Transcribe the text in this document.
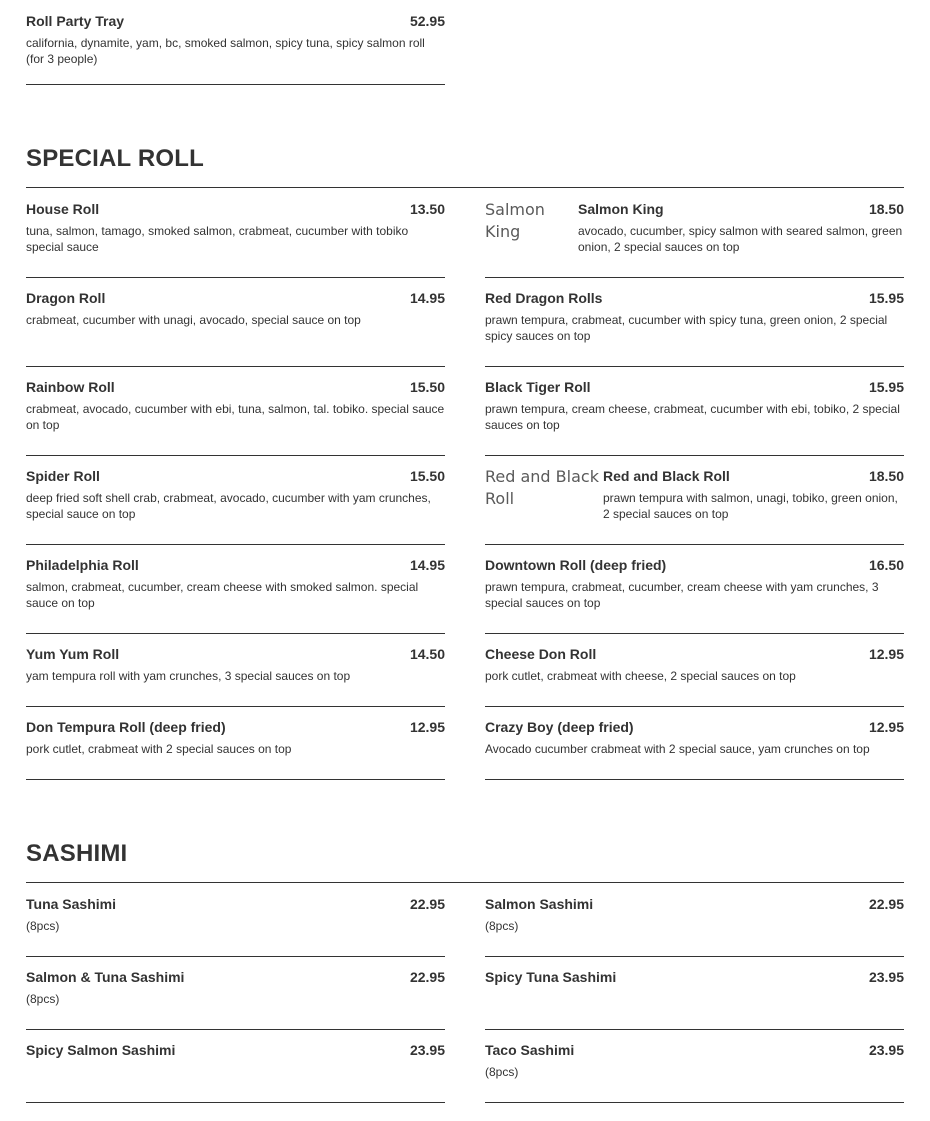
Roll Party Tray	52.95
california, dynamite, yam, bc, smoked salmon, spicy tuna, spicy salmon roll (for 3 people)
SPECIAL ROLL
House Roll	13.50
tuna, salmon, tamago, smoked salmon, crabmeat, cucumber with tobiko special sauce
Salmon King
Salmon King	18.50
avocado, cucumber, spicy salmon with seared salmon, green onion, 2 special sauces on top
Dragon Roll	14.95
crabmeat, cucumber with unagi, avocado, special sauce on top
Red Dragon Rolls	15.95
prawn tempura, crabmeat, cucumber with spicy tuna, green onion, 2 special spicy sauces on top
Rainbow Roll	15.50
crabmeat, avocado, cucumber with ebi, tuna, salmon, tal. tobiko. special sauce on top
Black Tiger Roll	15.95
prawn tempura, cream cheese, crabmeat, cucumber with ebi, tobiko, 2 special sauces on top
Spider Roll	15.50
deep fried soft shell crab, crabmeat, avocado, cucumber with yam crunches, special sauce on top
Red and Black Roll
Red and Black Roll	18.50
prawn tempura with salmon, unagi, tobiko, green onion, 2 special sauces on top
Philadelphia Roll	14.95
salmon, crabmeat, cucumber, cream cheese with smoked salmon. special sauce on top
Downtown Roll (deep fried)	16.50
prawn tempura, crabmeat, cucumber, cream cheese with yam crunches, 3 special sauces on top
Yum Yum Roll	14.50
yam tempura roll with yam crunches, 3 special sauces on top
Cheese Don Roll	12.95
pork cutlet, crabmeat with cheese, 2 special sauces on top
Don Tempura Roll (deep fried)	12.95
pork cutlet, crabmeat with 2 special sauces on top
Crazy Boy (deep fried)	12.95
Avocado cucumber crabmeat with 2 special sauce, yam crunches on top
SASHIMI
Tuna Sashimi	22.95
(8pcs)
Salmon Sashimi	22.95
(8pcs)
Salmon & Tuna Sashimi	22.95
(8pcs)
Spicy Tuna Sashimi	23.95
Spicy Salmon Sashimi	23.95	Taco Sashimi	23.95
(8pcs)
